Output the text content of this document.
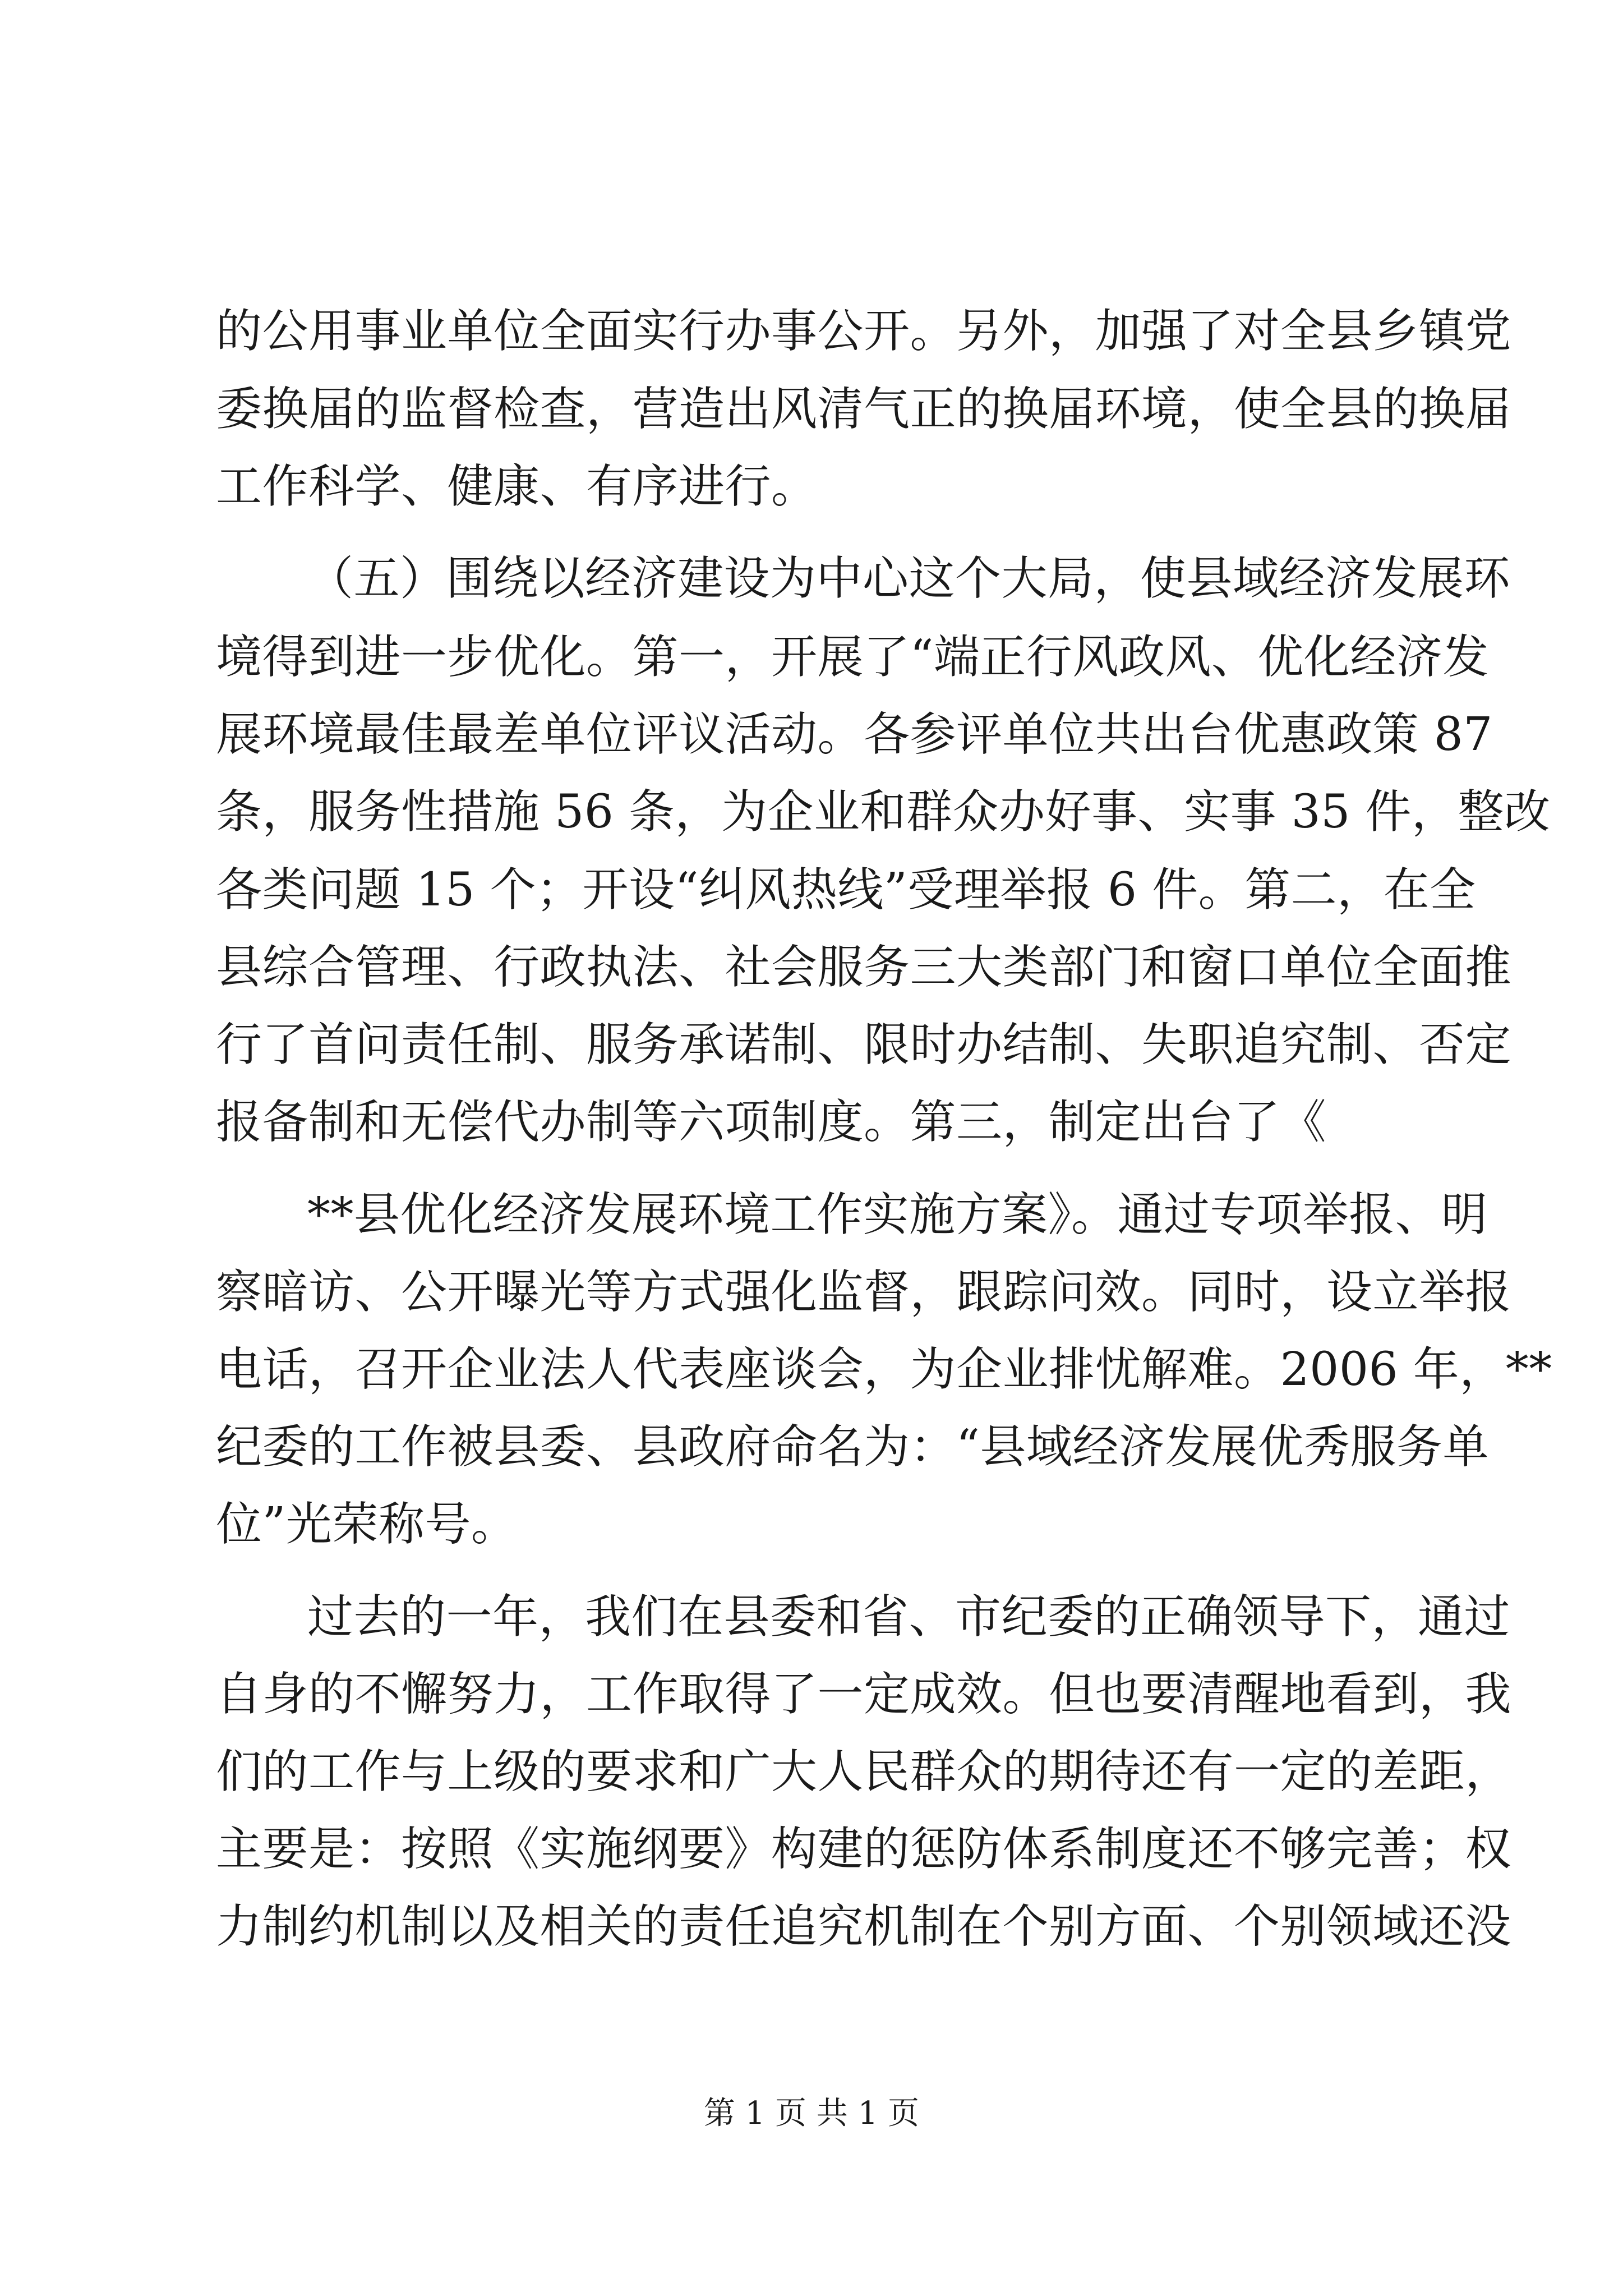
的公用事业单位全面实行办事公开。另外，加强了对全县乡镇党
委换届的监督检查，营造出风清气正的换届环境，使全县的换届
工作科学、健康、有序进行。
（五）围绕以经济建设为中心这个大局，使县域经济发展环
境得到进一步优化。第一，开展了“端正行风政风、优化经济发
展环境最佳最差单位评议活动。各参评单位共出台优惠政策 87
条，服务性措施 56 条，为企业和群众办好事、实事 35 件，整改
各类问题 15 个；开设“纠风热线”受理举报 6 件。第二，在全
县综合管理、行政执法、社会服务三大类部门和窗口单位全面推
行了首问责任制、服务承诺制、限时办结制、失职追究制、否定
报备制和无偿代办制等六项制度。第三，制定出台了《
**县优化经济发展环境工作实施方案》。通过专项举报、明
察暗访、公开曝光等方式强化监督，跟踪问效。同时，设立举报
电话，召开企业法人代表座谈会，为企业排忧解难。2006 年，**
纪委的工作被县委、县政府命名为：“县域经济发展优秀服务单
位”光荣称号。
过去的一年，我们在县委和省、市纪委的正确领导下，通过
自身的不懈努力，工作取得了一定成效。但也要清醒地看到，我
们的工作与上级的要求和广大人民群众的期待还有一定的差距，
主要是：按照《实施纲要》构建的惩防体系制度还不够完善；权
力制约机制以及相关的责任追究机制在个别方面、个别领域还没
第 1 页 共 1 页
